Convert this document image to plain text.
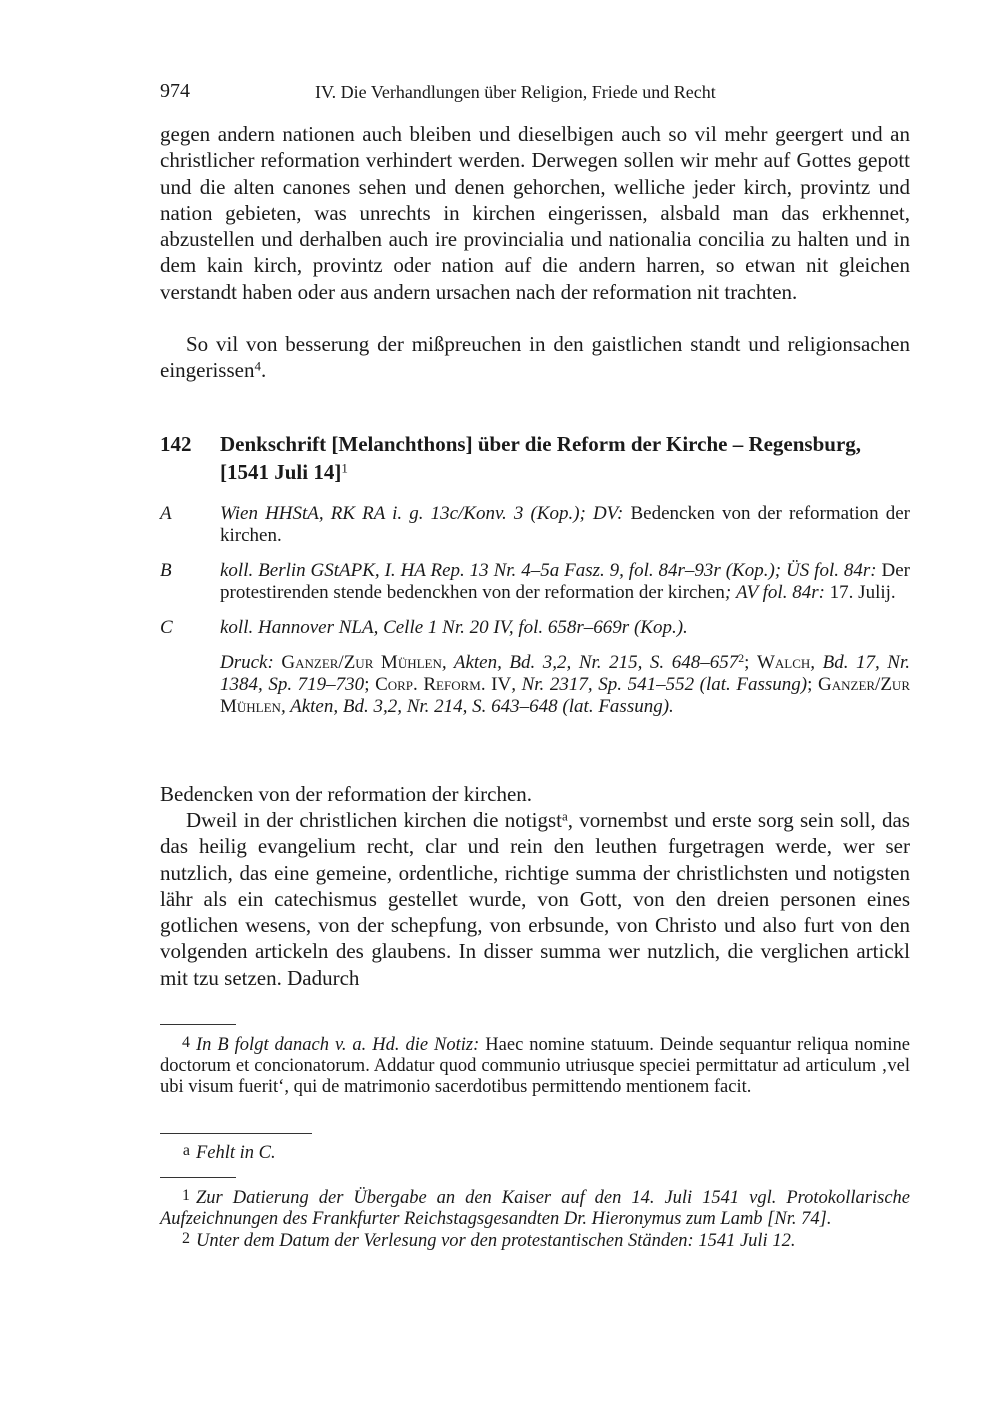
974	IV. Die Verhandlungen über Religion, Friede und Recht

gegen andern nationen auch bleiben und dieselbigen auch so vil mehr geergert und an christlicher reformation verhindert werden. Derwegen sollen wir mehr auf Gottes gepott und die alten canones sehen und denen gehorchen, welliche jeder kirch, provintz und nation gebieten, was unrechts in kirchen eingerissen, alsbald man das erkhennet, abzustellen und derhalben auch ire provincialia und nationalia concilia zu halten und in dem kain kirch, provintz oder nation auf die andern harren, so etwan nit gleichen verstandt haben oder aus andern ursachen nach der reformation nit trachten.

So vil von besserung der mißpreuchen in den gaistlichen standt und religionsachen eingerissen$^4$.

142 Denkschrift [Melanchthons] über die Reform der Kirche – Regensburg, [1541 Juli 14]$^1$
A	Wien HHStA, RK RA i. g. 13c/Konv. 3 (Kop.); DV: Bedencken von der reformation der kirchen.
B	koll. Berlin GStAPK, I. HA Rep. 13 Nr. 4–5a Fasz. 9, fol. 84r–93r (Kop.); ÜS fol. 84r: Der protestirenden stende bedenckhen von der reformation der kirchen; AV fol. 84r: 17. Julij.
C koll. Hannover NLA, Celle 1 Nr. 20 IV, fol. 658r–669r (Kop.).
Druck: Ganzer/Zur Mühlen, Akten, Bd. 3,2, Nr. 215, S. $648-657^2$; Walch, Bd. 17, Nr. 1384, Sp. 719–730; Corp. Reform. IV, Nr. 2317, Sp. 541–552 (lat. Fassung); Ganzer/Zur Mühlen, Akten, Bd. 3,2, Nr. 214, S. 643–648 (lat. Fassung).

Bedencken von der reformation der kirchen.

Dweil in der christlichen kirchen die notigst$^a$, vornembst und erste sorg sein soll, das das heilig evangelium recht, clar und rein den leuthen furgetragen werde, wer ser nutzlich, das eine gemeine, ordentliche, richtige summa der christlichsten und notigsten lähr als ein catechismus gestellet wurde, von Gott, von den dreien personen eines gotlichen wesens, von der schepfung, von erbsunde, von Christo und also furt von den volgenden artickeln des glaubens. In disser summa wer nutzlich, die verglichen artickl mit tzu setzen. Dadurch

4 In B folgt danach v. a. Hd. die Notiz: Haec nomine statuum. Deinde sequantur reliqua nomine doctorum et concionatorum. Addatur quod communio utriusque speciei permittatur ad articulum ‚vel ubi visum fuerit‘, qui de matrimonio sacerdotibus permittendo mentionem facit.

a Fehlt in C.

1 Zur Datierung der Übergabe an den Kaiser auf den 14. Juli 1541 vgl. Protokollarische Aufzeichnungen des Frankfurter Reichstagsgesandten Dr. Hieronymus zum Lamb [Nr. 74].

2 Unter dem Datum der Verlesung vor den protestantischen Ständen: 1541 Juli 12.
